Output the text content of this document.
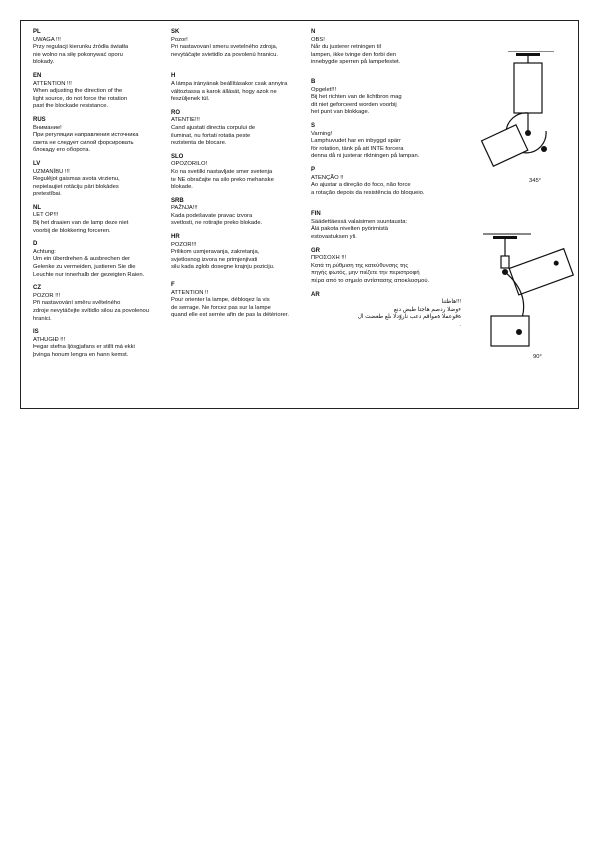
PL
UWAGA !!!
Przy regulacji kierunku źródła światła
nie wolno na siłę pokonywać oporu
blokady.
EN
ATTENTION !!!
When adjusting the direction of the
light source, do not force the rotation
past the blockade resistance.
RUS
Внимание!
При регуляции направления источника
света не следует силой форсировать
блокаду его оборота.
LV
UZMANĪBU !!!
Regulējot gaismas avota virzienu,
nepielaujiet rotāciju pāri blokādes
pretestībai.
NL
LET OP!!!
Bij het draaien van de lamp deze niet
voorbij de blokkering forceren.
D
Achtung:
Um ein überdrehen & ausbrechen der
Gelenke zu vermeiden, justieren Sie die
Leuchte nur innerhalb der gezeigten Raien.
CZ
POZOR !!!
Při nastavování směru světelného
zdroje nevytáčejte svítidlo silou za povolenou
hranici.
IS
ATHUGIÐ !!!
Þegar stefna ljósgjafans er stillt má ekki
þvinga honum lengra en hann kemst.
SK
Pozor!
Pri nastavovaní smeru svetelného zdroja,
nevytáčajte svietidlo za povolenú hranicu.
H
A lámpa irányának beállításakor csak annyira
változtassa a karok állását, hogy azok ne
feszüljenek túl.
RO
ATENTIE!!!
Cand ajustati directia corpului de
iluminat, nu fortati rotatia peste
rezistenta de blocare.
SLO
OPOZORILO!
Ko na svetilki nastavljate smer svetenja
te NE obračajte na silo preko mehanske
blokade.
SRB
PAŽNJA!!!
Kada podešavate pravac izvora
svetlosti, ne rotirajte preko blokade.
HR
POZOR!!!
Prilikom usmjeravanja, zakretanja,
svjetlosnog izvora ne primjenjivati
silu kada zglob dosegne krajnju poziciju.
F
ATTENTION !!
Pour orienter la lampe, débloqez la vis
de serrage. Ne forcez pas sur la lampe
quand elle est serrée afin de pas la détériorer.
N
OBS!
Når du justerer retningen til
lampen, ikke tvinge den forbi den
innebygde sperren på lampefestet.
B
Opgelet!!!
Bij het richten van de lichtbron mag
dit niet geforceerd worden voorbij
het punt van blokkage.
S
Varning!
Lamphuvudet har en inbyggd spärr
för rotation, tänk på att INTE forcera
denna då ni justerar riktningen på lampan.
P
ATENÇÃO !!
Ao ajustar a direção do foco, não force
a rotação depois da resistência do bloqueio.
FIN
Säädettäessä valaisimen suuntausta:
Älä pakota nivelten pyörimistä
estovastuksen yli.
GR
ΠΡΟΣΟΧΗ !!!
Κατά τη ρύθμιση της κατεύθυνσης της
πηγής φωτός, μην πιέζετε την περιστροφή
πέρα από το σημείο αντίστασης αποκλεισμού.
AR
!!!هاظتنا
ءوضلا ردصم هاجتا طبض دنع
ةقوعملا ةمواقم دعب ناروّدلا ىلع طغضت ال
.
345°
90°
